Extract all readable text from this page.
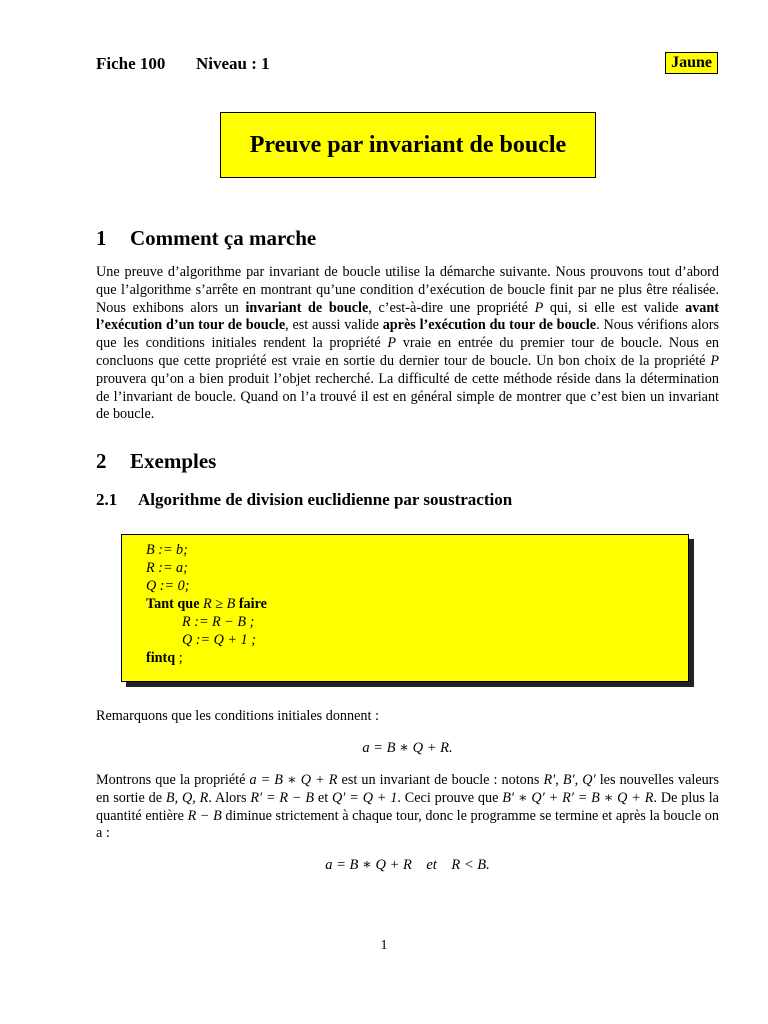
Fiche 100 Niveau : 1	Jaune
Preuve par invariant de boucle
1 Comment ça marche
Une preuve d’algorithme par invariant de boucle utilise la démarche suivante. Nous prouvons tout d’abord que l’algorithme s’arrête en montrant qu’une condition d’exécution de boucle finit par ne plus être réalisée. Nous exhibons alors un invariant de boucle, c’est-à-dire une propriété P qui, si elle est valide avant l’exécution d’un tour de boucle, est aussi valide après l’exécution du tour de boucle. Nous vérifions alors que les conditions initiales rendent la propriété P vraie en entrée du premier tour de boucle. Nous en concluons que cette propriété est vraie en sortie du dernier tour de boucle. Un bon choix de la propriété P prouvera qu’on a bien produit l’objet recherché. La difficulté de cette méthode réside dans la détermination de l’invariant de boucle. Quand on l’a trouvé il est en général simple de montrer que c’est bien un invariant de boucle.
2 Exemples
2.1 Algorithme de division euclidienne par soustraction
B := b;
R := a;
Q := 0;
Tant que R ≥ B faire
R := R − B ;
Q := Q + 1 ;
fintq ;
Remarquons que les conditions initiales donnent :
a = B ∗ Q + R.
Montrons que la propriété a = B ∗ Q + R est un invariant de boucle : notons R′, B′, Q′ les nouvelles valeurs en sortie de B, Q, R. Alors R′ = R − B et Q′ = Q + 1. Ceci prouve que B′ ∗ Q′ + R′ = B ∗ Q + R. De plus la quantité entière R − B diminue strictement à chaque tour, donc le programme se termine et après la boucle on a :
a = B ∗ Q + R    et    R < B.
1
